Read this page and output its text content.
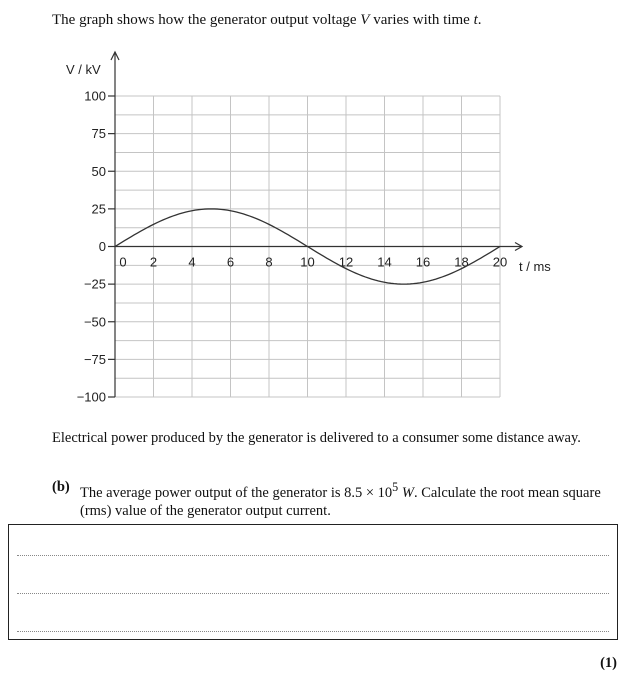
The graph shows how the generator output voltage V varies with time t.
100
75
50
25
0
−25
−50
−75
−100
0 2 4 6 8 10 12 14 16 18 20
V / kV
t / ms
Electrical power produced by the generator is delivered to a consumer some distance away.
(b) The average power output of the generator is $8.5 \times 10^5$ W. Calculate the root mean square (rms) value of the generator output current.
(1)
